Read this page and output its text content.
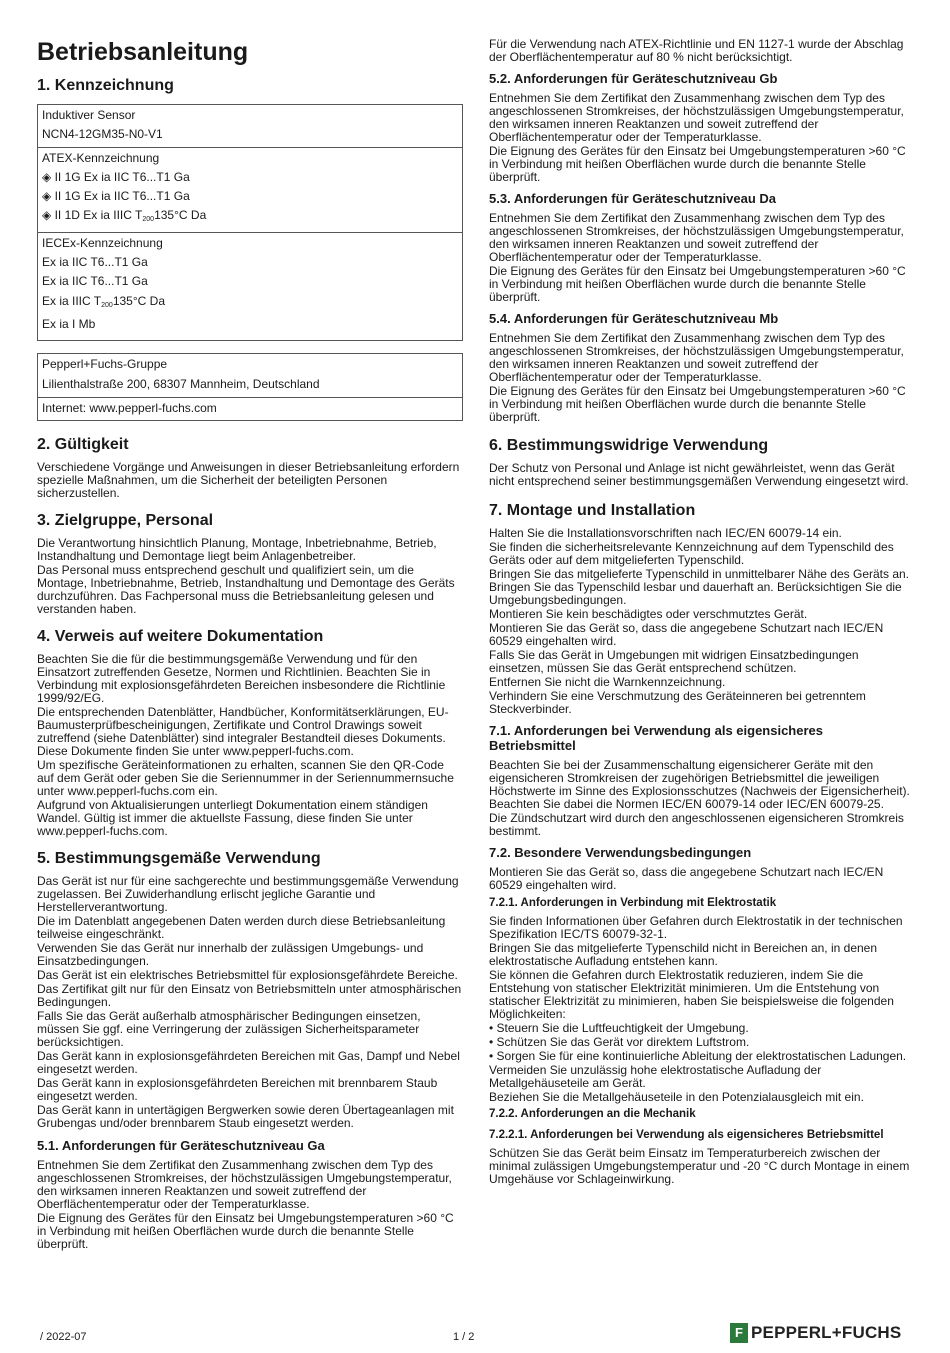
Betriebsanleitung
1. Kennzeichnung
Induktiver Sensor
NCN4-12GM35-N0-V1
ATEX-Kennzeichnung
◈ II 1G Ex ia IIC T6...T1 Ga
◈ II 1G Ex ia IIC T6...T1 Ga
◈ II 1D Ex ia IIIC $T_{200}135^\circ C$ Da
IECEx-Kennzeichnung
Ex ia IIC T6...T1 Ga
Ex ia IIC T6...T1 Ga
Ex ia IIIC $T_{200}135^\circ C$ Da
Ex ia I Mb
Pepperl+Fuchs-Gruppe
Lilienthalstraße 200, 68307 Mannheim, Deutschland
Internet: www.pepperl-fuchs.com
2. Gültigkeit

Verschiedene Vorgänge und Anweisungen in dieser Betriebsanleitung erfordern spezielle Maßnahmen, um die Sicherheit der beteiligten Personen sicherzustellen.

3. Zielgruppe, Personal

Die Verantwortung hinsichtlich Planung, Montage, Inbetriebnahme, Betrieb, Instandhaltung und Demontage liegt beim Anlagenbetreiber.

Das Personal muss entsprechend geschult und qualifiziert sein, um die Montage, Inbetriebnahme, Betrieb, Instandhaltung und Demontage des Geräts durchzuführen. Das Fachpersonal muss die Betriebsanleitung gelesen und verstanden haben.

4. Verweis auf weitere Dokumentation

Beachten Sie die für die bestimmungsgemäße Verwendung und für den Einsatzort zutreffenden Gesetze, Normen und Richtlinien. Beachten Sie in Verbindung mit explosionsgefährdeten Bereichen insbesondere die Richtlinie 1999/92/EG.

Die entsprechenden Datenblätter, Handbücher, Konformitätserklärungen, EU-Baumusterprüfbescheinigungen, Zertifikate und Control Drawings soweit zutreffend (siehe Datenblätter) sind integraler Bestandteil dieses Dokuments. Diese Dokumente finden Sie unter www.pepperl-fuchs.com.

Um spezifische Geräteinformationen zu erhalten, scannen Sie den QR-Code auf dem Gerät oder geben Sie die Seriennummer in der Seriennummernsuche unter www.pepperl-fuchs.com ein.

Aufgrund von Aktualisierungen unterliegt Dokumentation einem ständigen Wandel. Gültig ist immer die aktuellste Fassung, diese finden Sie unter www.pepperl-fuchs.com.

5. Bestimmungsgemäße Verwendung

Das Gerät ist nur für eine sachgerechte und bestimmungsgemäße Verwendung zugelassen. Bei Zuwiderhandlung erlischt jegliche Garantie und Herstellerverantwortung.

Die im Datenblatt angegebenen Daten werden durch diese Betriebsanleitung teilweise eingeschränkt.

Verwenden Sie das Gerät nur innerhalb der zulässigen Umgebungs- und Einsatzbedingungen.

Das Gerät ist ein elektrisches Betriebsmittel für explosionsgefährdete Bereiche.

Das Zertifikat gilt nur für den Einsatz von Betriebsmitteln unter atmosphärischen Bedingungen.

Falls Sie das Gerät außerhalb atmosphärischer Bedingungen einsetzen, müssen Sie ggf. eine Verringerung der zulässigen Sicherheitsparameter berücksichtigen.

Das Gerät kann in explosionsgefährdeten Bereichen mit Gas, Dampf und Nebel eingesetzt werden.

Das Gerät kann in explosionsgefährdeten Bereichen mit brennbarem Staub eingesetzt werden.

Das Gerät kann in untertägigen Bergwerken sowie deren Übertageanlagen mit Grubengas und/oder brennbarem Staub eingesetzt werden.

5.1. Anforderungen für Geräteschutzniveau Ga

Entnehmen Sie dem Zertifikat den Zusammenhang zwischen dem Typ des angeschlossenen Stromkreises, der höchstzulässigen Umgebungstemperatur, den wirksamen inneren Reaktanzen und soweit zutreffend der Oberflächentemperatur oder der Temperaturklasse.

Die Eignung des Gerätes für den Einsatz bei Umgebungstemperaturen >60 °C in Verbindung mit heißen Oberflächen wurde durch die benannte Stelle überprüft.

Für die Verwendung nach ATEX-Richtlinie und EN 1127-1 wurde der Abschlag der Oberflächentemperatur auf 80 % nicht berücksichtigt.

5.2. Anforderungen für Geräteschutzniveau Gb

Entnehmen Sie dem Zertifikat den Zusammenhang zwischen dem Typ des angeschlossenen Stromkreises, der höchstzulässigen Umgebungstemperatur, den wirksamen inneren Reaktanzen und soweit zutreffend der Oberflächentemperatur oder der Temperaturklasse.

Die Eignung des Gerätes für den Einsatz bei Umgebungstemperaturen >60 °C in Verbindung mit heißen Oberflächen wurde durch die benannte Stelle überprüft.

5.3. Anforderungen für Geräteschutzniveau Da

Entnehmen Sie dem Zertifikat den Zusammenhang zwischen dem Typ des angeschlossenen Stromkreises, der höchstzulässigen Umgebungstemperatur, den wirksamen inneren Reaktanzen und soweit zutreffend der Oberflächentemperatur oder der Temperaturklasse.

Die Eignung des Gerätes für den Einsatz bei Umgebungstemperaturen >60 °C in Verbindung mit heißen Oberflächen wurde durch die benannte Stelle überprüft.

5.4. Anforderungen für Geräteschutzniveau Mb

Entnehmen Sie dem Zertifikat den Zusammenhang zwischen dem Typ des angeschlossenen Stromkreises, der höchstzulässigen Umgebungstemperatur, den wirksamen inneren Reaktanzen und soweit zutreffend der Oberflächentemperatur oder der Temperaturklasse.

Die Eignung des Gerätes für den Einsatz bei Umgebungstemperaturen >60 °C in Verbindung mit heißen Oberflächen wurde durch die benannte Stelle überprüft.

6. Bestimmungswidrige Verwendung

Der Schutz von Personal und Anlage ist nicht gewährleistet, wenn das Gerät nicht entsprechend seiner bestimmungsgemäßen Verwendung eingesetzt wird.

7. Montage und Installation

Halten Sie die Installationsvorschriften nach IEC/EN 60079-14 ein.

Sie finden die sicherheitsrelevante Kennzeichnung auf dem Typenschild des Geräts oder auf dem mitgelieferten Typenschild.

Bringen Sie das mitgelieferte Typenschild in unmittelbarer Nähe des Geräts an. Bringen Sie das Typenschild lesbar und dauerhaft an. Berücksichtigen Sie die Umgebungsbedingungen.

Montieren Sie kein beschädigtes oder verschmutztes Gerät.

Montieren Sie das Gerät so, dass die angegebene Schutzart nach IEC/EN 60529 eingehalten wird.

Falls Sie das Gerät in Umgebungen mit widrigen Einsatzbedingungen einsetzen, müssen Sie das Gerät entsprechend schützen.

Entfernen Sie nicht die Warnkennzeichnung.

Verhindern Sie eine Verschmutzung des Geräteinneren bei getrenntem Steckverbinder.

7.1. Anforderungen bei Verwendung als eigensicheres Betriebsmittel

Beachten Sie bei der Zusammenschaltung eigensicherer Geräte mit den eigensicheren Stromkreisen der zugehörigen Betriebsmittel die jeweiligen Höchstwerte im Sinne des Explosionsschutzes (Nachweis der Eigensicherheit). Beachten Sie dabei die Normen IEC/EN 60079-14 oder IEC/EN 60079-25.

Die Zündschutzart wird durch den angeschlossenen eigensicheren Stromkreis bestimmt.

7.2. Besondere Verwendungsbedingungen

Montieren Sie das Gerät so, dass die angegebene Schutzart nach IEC/EN 60529 eingehalten wird.

7.2.1. Anforderungen in Verbindung mit Elektrostatik

Sie finden Informationen über Gefahren durch Elektrostatik in der technischen Spezifikation IEC/TS 60079-32-1.

Bringen Sie das mitgelieferte Typenschild nicht in Bereichen an, in denen elektrostatische Aufladung entstehen kann.

Sie können die Gefahren durch Elektrostatik reduzieren, indem Sie die Entstehung von statischer Elektrizität minimieren. Um die Entstehung von statischer Elektrizität zu minimieren, haben Sie beispielsweise die folgenden Möglichkeiten:

• Steuern Sie die Luftfeuchtigkeit der Umgebung.

• Schützen Sie das Gerät vor direktem Luftstrom.

• Sorgen Sie für eine kontinuierliche Ableitung der elektrostatischen Ladungen.

Vermeiden Sie unzulässig hohe elektrostatische Aufladung der Metallgehäuseteile am Gerät.

Beziehen Sie die Metallgehäuseteile in den Potenzialausgleich mit ein.

7.2.2. Anforderungen an die Mechanik
7.2.2.1. Anforderungen bei Verwendung als eigensicheres Betriebsmittel

Schützen Sie das Gerät beim Einsatz im Temperaturbereich zwischen der minimal zulässigen Umgebungstemperatur und -20 °C durch Montage in einem Umgehäuse vor Schlageinwirkung.

/ 2022-07	1 / 2	F PEPPERL+FUCHS
